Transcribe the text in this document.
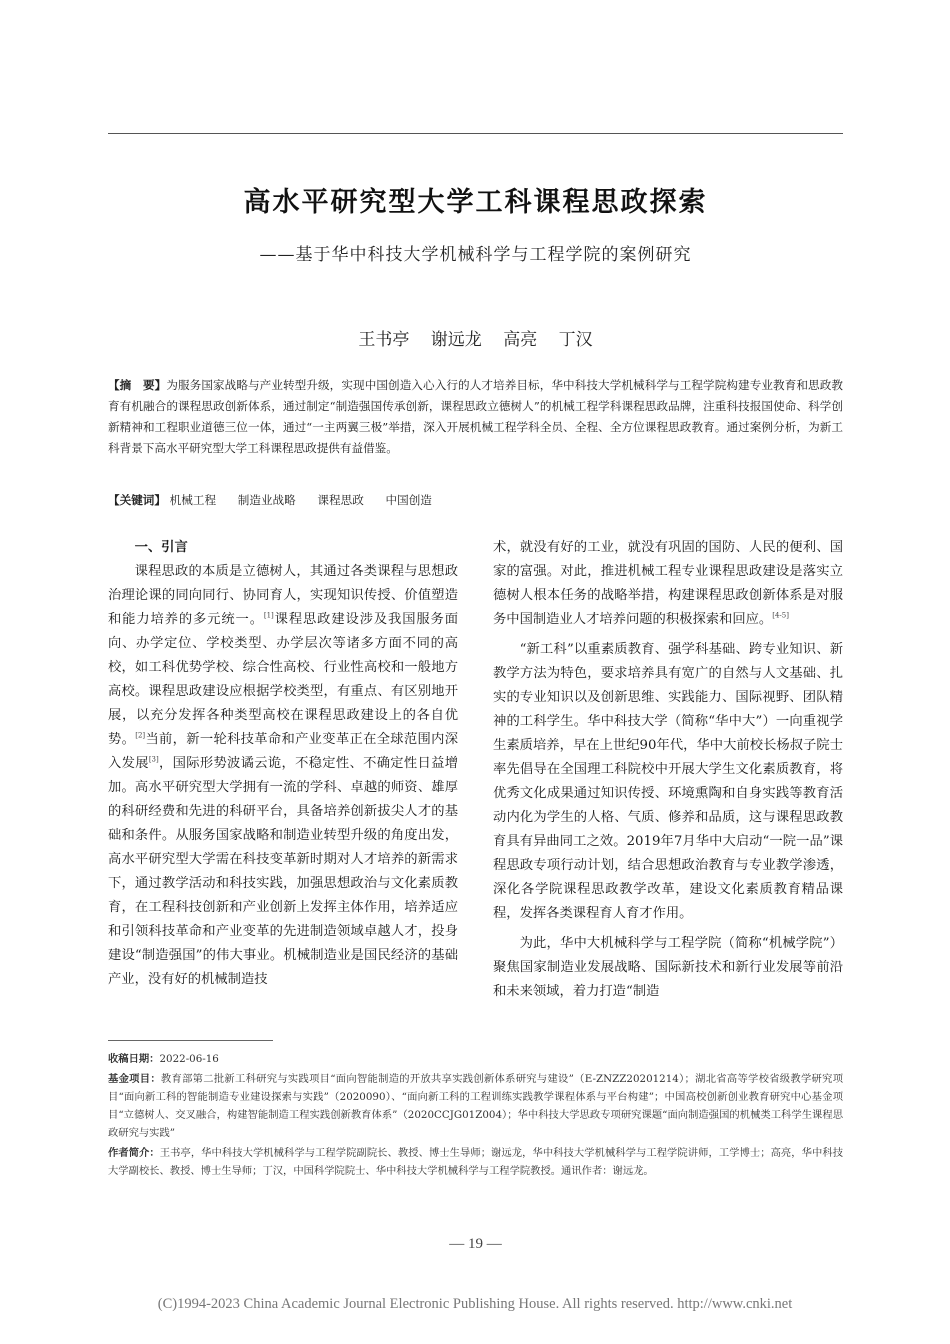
高水平研究型大学工科课程思政探索
——基于华中科技大学机械科学与工程学院的案例研究
王书亭 谢远龙 高亮 丁汉
【摘　要】为服务国家战略与产业转型升级，实现中国创造入心入行的人才培养目标，华中科技大学机械科学与工程学院构建专业教育和思政教育有机融合的课程思政创新体系，通过制定“制造强国传承创新，课程思政立德树人”的机械工程学科课程思政品牌，注重科技报国使命、科学创新精神和工程职业道德三位一体，通过“一主两翼三极”举措，深入开展机械工程学科全员、全程、全方位课程思政教育。通过案例分析，为新工科背景下高水平研究型大学工科课程思政提供有益借鉴。
【关键词】 机械工程 制造业战略 课程思政 中国创造
一、引言

课程思政的本质是立德树人，其通过各类课程与思想政治理论课的同向同行、协同育人，实现知识传授、价值塑造和能力培养的多元统一。[1]课程思政建设涉及我国服务面向、办学定位、学校类型、办学层次等诸多方面不同的高校，如工科优势学校、综合性高校、行业性高校和一般地方高校。课程思政建设应根据学校类型，有重点、有区别地开展，以充分发挥各种类型高校在课程思政建设上的各自优势。[2]当前，新一轮科技革命和产业变革正在全球范围内深入发展[3]，国际形势波谲云诡，不稳定性、不确定性日益增加。高水平研究型大学拥有一流的学科、卓越的师资、雄厚的科研经费和先进的科研平台，具备培养创新拔尖人才的基础和条件。从服务国家战略和制造业转型升级的角度出发，高水平研究型大学需在科技变革新时期对人才培养的新需求下，通过教学活动和科技实践，加强思想政治与文化素质教育，在工程科技创新和产业创新上发挥主体作用，培养适应和引领科技革命和产业变革的先进制造领域卓越人才，投身建设“制造强国”的伟大事业。机械制造业是国民经济的基础产业，没有好的机械制造技

术，就没有好的工业，就没有巩固的国防、人民的便利、国家的富强。对此，推进机械工程专业课程思政建设是落实立德树人根本任务的战略举措，构建课程思政创新体系是对服务中国制造业人才培养问题的积极探索和回应。[4-5]

“新工科”以重素质教育、强学科基础、跨专业知识、新教学方法为特色，要求培养具有宽广的自然与人文基础、扎实的专业知识以及创新思维、实践能力、国际视野、团队精神的工科学生。华中科技大学（简称“华中大”）一向重视学生素质培养，早在上世纪90年代，华中大前校长杨叔子院士率先倡导在全国理工科院校中开展大学生文化素质教育，将优秀文化成果通过知识传授、环境熏陶和自身实践等教育活动内化为学生的人格、气质、修养和品质，这与课程思政教育具有异曲同工之效。2019年7月华中大启动“一院一品”课程思政专项行动计划，结合思想政治教育与专业教学渗透，深化各学院课程思政教学改革，建设文化素质教育精品课程，发挥各类课程育人育才作用。

为此，华中大机械科学与工程学院（简称“机械学院”）聚焦国家制造业发展战略、国际新技术和新行业发展等前沿和未来领域，着力打造“制造

收稿日期：2022-06-16

基金项目：教育部第二批新工科研究与实践项目“面向智能制造的开放共享实践创新体系研究与建设”（E-ZNZZ20201214）；湖北省高等学校省级教学研究项目“面向新工科的智能制造专业建设探索与实践”（2020090）、“面向新工科的工程训练实践教学课程体系与平台构建”；中国高校创新创业教育研究中心基金项目“立德树人、交叉融合，构建智能制造工程实践创新教育体系”（2020CCJG01Z004）；华中科技大学思政专项研究课题“面向制造强国的机械类工科学生课程思政研究与实践”

作者简介：王书亭，华中科技大学机械科学与工程学院副院长、教授、博士生导师；谢远龙，华中科技大学机械科学与工程学院讲师，工学博士；高亮，华中科技大学副校长、教授、博士生导师；丁汉，中国科学院院士、华中科技大学机械科学与工程学院教授。通讯作者：谢远龙。

— 19 —
(C)1994-2023 China Academic Journal Electronic Publishing House. All rights reserved. http://www.cnki.net
